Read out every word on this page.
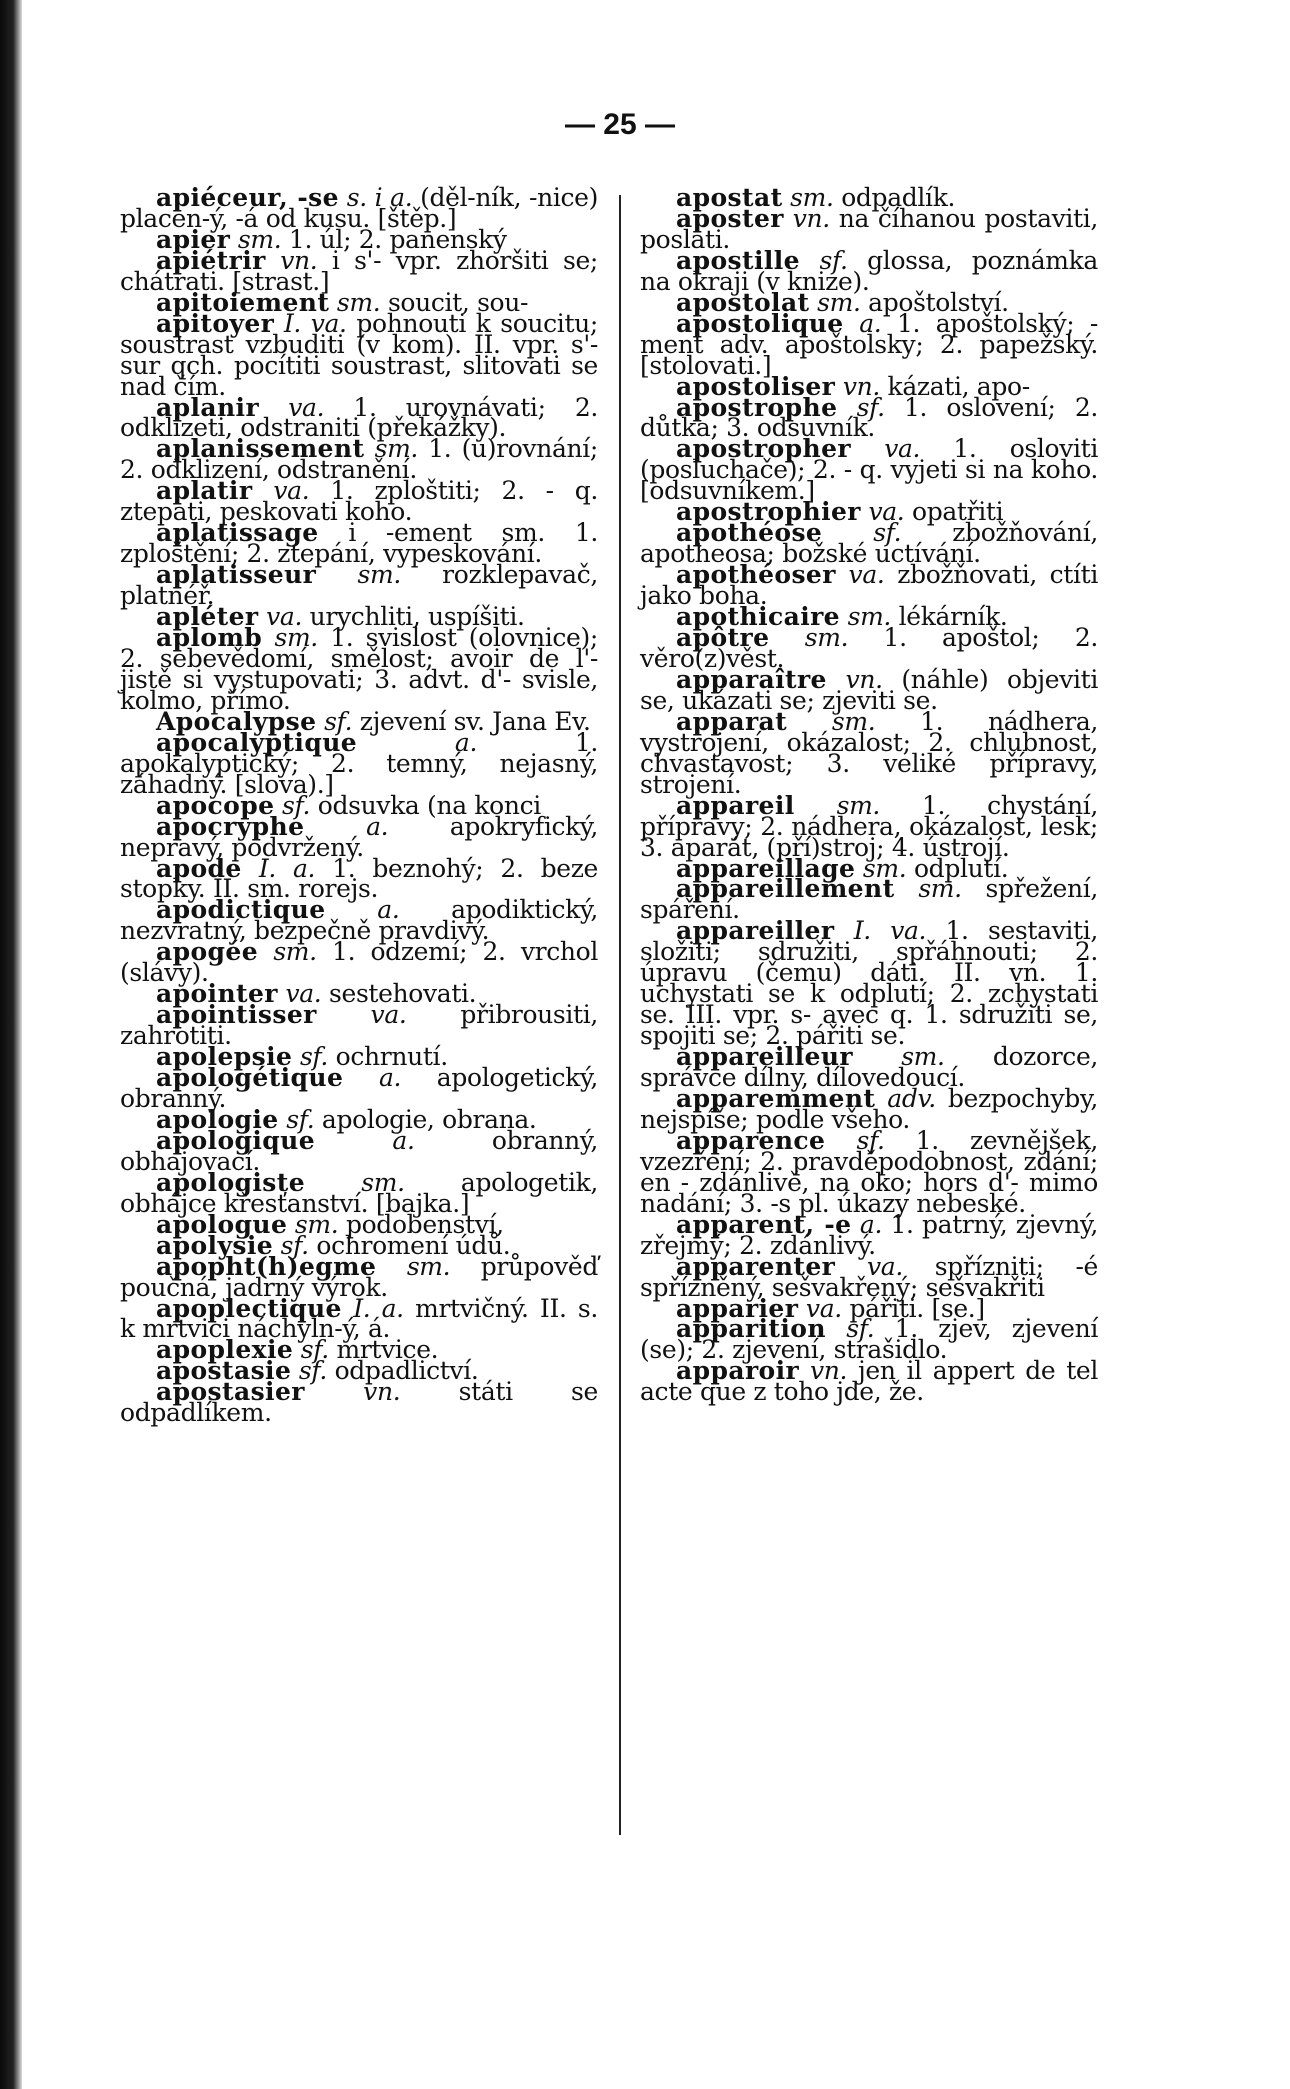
— 25 —

apiéceur, -se s. i a. (děl-ník, -nice) placen-ý, -á od kusu. [štěp.]

apier sm. 1. úl; 2. panenský

apiétrir vn. i s'- vpr. zhoršiti se; chátrati. [strast.]

apitoiement sm. soucit, sou-

apitoyer I. va. pohnouti k soucitu; soustrast vzbuditi (v kom). II. vpr. s'- sur qch. pocítiti soustrast, slitovati se nad čím.

aplanir va. 1. urovnávati; 2. odklizeti, odstraniti (překážky).

aplanissement sm. 1. (u)rovnání; 2. odklizení, odstranění.

aplatir va. 1. zploštiti; 2. - q. ztepati, peskovati koho.

aplatissage i -ement sm. 1. zploštění; 2. ztepání, vypeskování.

aplatisseur sm. rozklepavač, platnéř.

apléter va. urychliti, uspíšiti.

aplomb sm. 1. svislost (olovnice); 2. sebevědomí, smělost; avoir de l'- jistě si vystupovati; 3. advt. d'- svisle, kolmo, přímo.

Apocalypse sf. zjevení sv. Jana Ev.

apocalyptique	a.	1. apokalyptický; 2. temný, nejasný, záhadný. [slova).]

apocope sf. odsuvka (na konci

apocryphe a. apokryfický, nepravý, podvržený.

apode I. a. 1. beznohý; 2. beze stopky. II. sm. rorejs.

apodictique a. apodiktický, nezvratný, bezpečně pravdivý.

apogée sm. 1. odzemí; 2. vrchol (slávy).

apointer va. sestehovati.

apointisser va. přibrousiti, zahrotiti.

apolepsie sf. ochrnutí.

apologétique a. apologetický, obranný.

apologie sf. apologie, obrana.

apologique	a.	obranný, obhajovací.

apologiste sm. apologetik, obhájce křesťanství. [bajka.]

apologue sm. podobenství,

apolysie sf. ochromení údů.

apopht(h)egme sm. průpověď poučná, jadrný výrok.

apoplectique I. a. mrtvičný. II. s. k mrtvici náchyln-ý, á.

apoplexie sf. mrtvice.

apostasie sf. odpadlictví.

apostasier vn. státi se odpadlíkem.

apostat sm. odpadlík.

aposter vn. na číhanou postaviti, poslati.

apostille sf. glossa, poznámka na okraji (v knize).

apostolat sm. apoštolství.

apostolique a. 1. apoštolský; -ment adv. apoštolsky; 2. papežský. [stolovati.]

apostoliser vn. kázati, apo-

apostrophe sf. 1. oslovení; 2. důtka; 3. odsuvník.

apostropher va. 1. osloviti (posluchače); 2. - q. vyjeti si na koho. [odsuvníkem.]

apostrophier va. opatřiti

apothéose sf. zbožňování, apotheosa; božské uctívání.

apothéoser va. zbožňovati, ctíti jako boha.

apothicaire sm. lékárník.

apôtre sm. 1. apoštol; 2. věro(z)věst.

apparaître vn. (náhle) objeviti se, ukázati se; zjeviti se.

apparat sm. 1. nádhera, vystrojení, okázalost; 2. chlubnost, chvastavost; 3. veliké přípravy, strojení.

appareil sm. 1. chystání, přípravy; 2. nádhera, okázalost, lesk; 3. aparát, (pří)stroj; 4. ústrojí.

appareillage sm. odplutí.

appareillement sm. spřežení, spáření.

appareiller I. va. 1. sestaviti, složiti; sdružiti, spřáhnouti; 2. úpravu (čemu) dáti. II. vn. 1. uchystati se k odplutí; 2. zchystati se. III. vpr. s- avec q. 1. sdružiti se, spojiti se; 2. pářiti se.

appareilleur sm. dozorce, správce dílny, dílovedoucí.

apparemment adv. bezpochyby, nejspíše; podle všeho.

apparence sf. 1. zevnějšek, vzezření; 2. pravděpodobnost, zdání; en - zdánlivě, na oko; hors d'- mimo nadání; 3. -s pl. úkazy nebeské.

apparent, -e a. 1. patrný, zjevný, zřejmý; 2. zdánlivý.

apparenter va. spřízniti; -é spřízněný, sešvakřený; sešvakřiti

apparier va. pářiti. [se.]

apparition sf. 1. zjev, zjevení (se); 2. zjevení, strašidlo.

apparoir vn. jen il appert de tel acte que z toho jde, že.
